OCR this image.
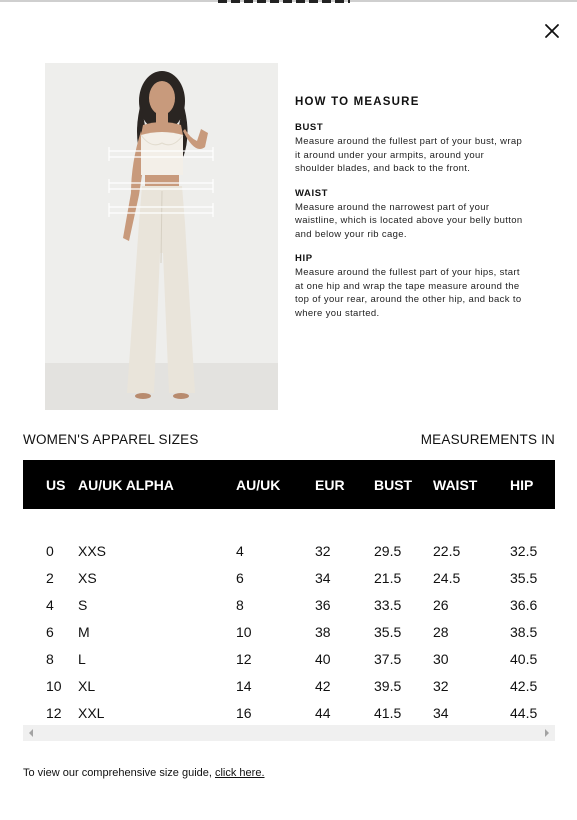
HOW TO MEASURE
BUST
Measure around the fullest part of your bust, wrap it around under your armpits, around your shoulder blades, and back to the front.
WAIST
Measure around the narrowest part of your waistline, which is located above your belly button and below your rib cage.
HIP
Measure around the fullest part of your hips, start at one hip and wrap the tape measure around the top of your rear, around the other hip, and back to where you started.
WOMEN'S APPAREL SIZES	MEASUREMENTS IN
US AU/UK ALPHA	AU/UK EUR BUST WAIST HIP
0 XXS	4	32	29.5 22.5	32.5
2 XS	6	34	21.5 24.5	35.5
4 S	8	36	33.5 26	36.6
6 M	10	38	35.5 28	38.5
8 L	12	40	37.5 30	40.5
10 XL	14	42	39.5 32	42.5
12 XXL	16	44	41.5 34	44.5
To view our comprehensive size guide, click here.
